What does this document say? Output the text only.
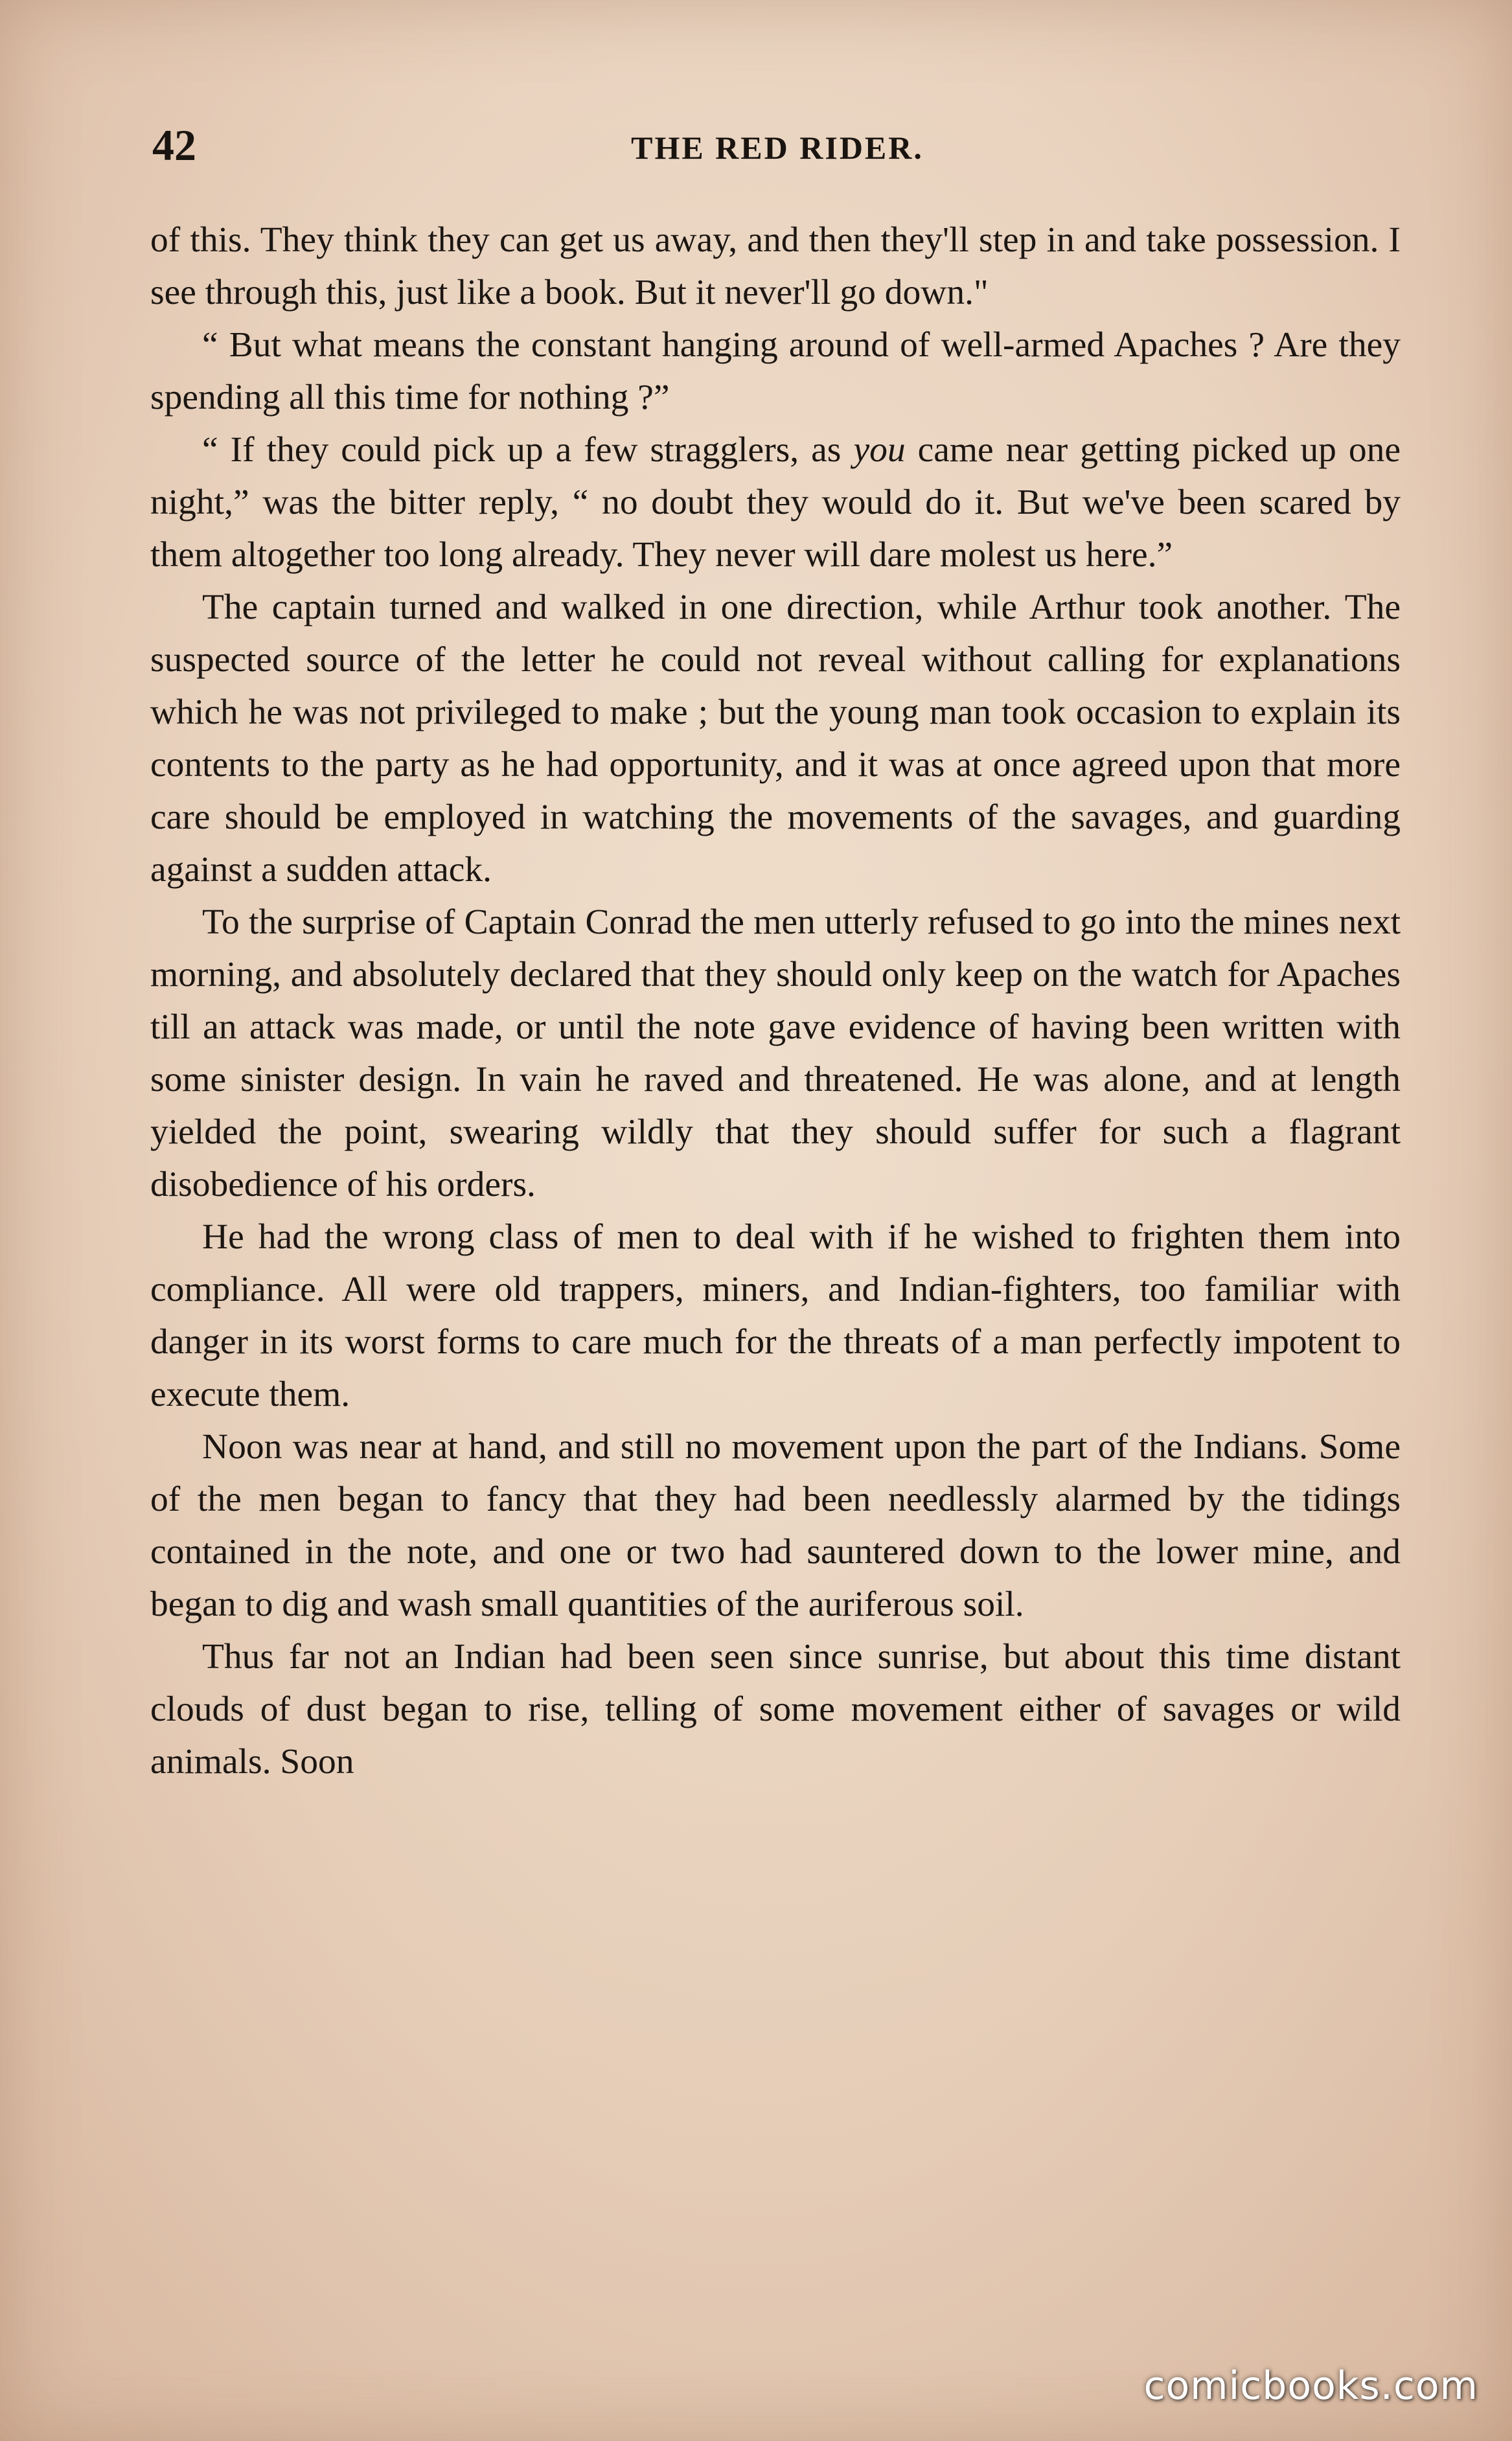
42	THE RED RIDER.

of this. They think they can get us away, and then they'll step in and take possession. I see through this, just like a book. But it never'll go down."

“ But what means the constant hanging around of well-armed Apaches ? Are they spending all this time for nothing ?”

“ If they could pick up a few stragglers, as you came near getting picked up one night,” was the bitter reply, “ no doubt they would do it. But we've been scared by them altogether too long already. They never will dare molest us here.”

The captain turned and walked in one direction, while Arthur took another. The suspected source of the letter he could not reveal without calling for explanations which he was not privileged to make ; but the young man took occasion to explain its contents to the party as he had opportunity, and it was at once agreed upon that more care should be employed in watching the movements of the savages, and guarding against a sudden attack.

To the surprise of Captain Conrad the men utterly refused to go into the mines next morning, and absolutely declared that they should only keep on the watch for Apaches till an attack was made, or until the note gave evidence of having been written with some sinister design. In vain he raved and threatened. He was alone, and at length yielded the point, swearing wildly that they should suffer for such a flagrant disobedience of his orders.

He had the wrong class of men to deal with if he wished to frighten them into compliance. All were old trappers, miners, and Indian-fighters, too familiar with danger in its worst forms to care much for the threats of a man perfectly impotent to execute them.

Noon was near at hand, and still no movement upon the part of the Indians. Some of the men began to fancy that they had been needlessly alarmed by the tidings contained in the note, and one or two had sauntered down to the lower mine, and began to dig and wash small quantities of the auriferous soil.

Thus far not an Indian had been seen since sunrise, but about this time distant clouds of dust began to rise, telling of some movement either of savages or wild animals. Soon

comicbooks.com
